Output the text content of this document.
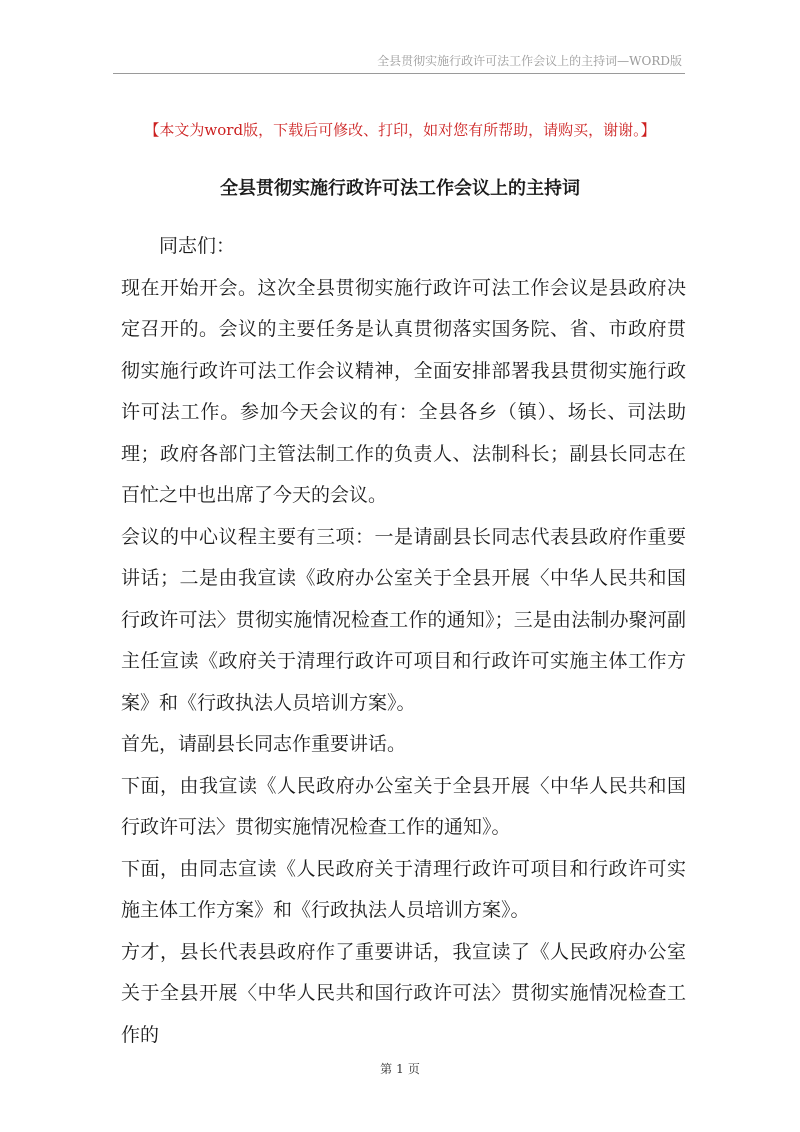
全县贯彻实施行政许可法工作会议上的主持词—WORD版
【本文为word版，下载后可修改、打印，如对您有所帮助，请购买，谢谢。】
全县贯彻实施行政许可法工作会议上的主持词

同志们：

现在开始开会。这次全县贯彻实施行政许可法工作会议是县政府决定召开的。会议的主要任务是认真贯彻落实国务院、省、市政府贯彻实施行政许可法工作会议精神，全面安排部署我县贯彻实施行政许可法工作。参加今天会议的有：全县各乡（镇）、场长、司法助理；政府各部门主管法制工作的负责人、法制科长；副县长同志在百忙之中也出席了今天的会议。

会议的中心议程主要有三项：一是请副县长同志代表县政府作重要讲话；二是由我宣读《政府办公室关于全县开展〈中华人民共和国行政许可法〉贯彻实施情况检查工作的通知》；三是由法制办聚河副主任宣读《政府关于清理行政许可项目和行政许可实施主体工作方案》和《行政执法人员培训方案》。

首先，请副县长同志作重要讲话。

下面，由我宣读《人民政府办公室关于全县开展〈中华人民共和国行政许可法〉贯彻实施情况检查工作的通知》。

下面，由同志宣读《人民政府关于清理行政许可项目和行政许可实施主体工作方案》和《行政执法人员培训方案》。

方才，县长代表县政府作了重要讲话，我宣读了《人民政府办公室关于全县开展〈中华人民共和国行政许可法〉贯彻实施情况检查工作的

第 1 页
